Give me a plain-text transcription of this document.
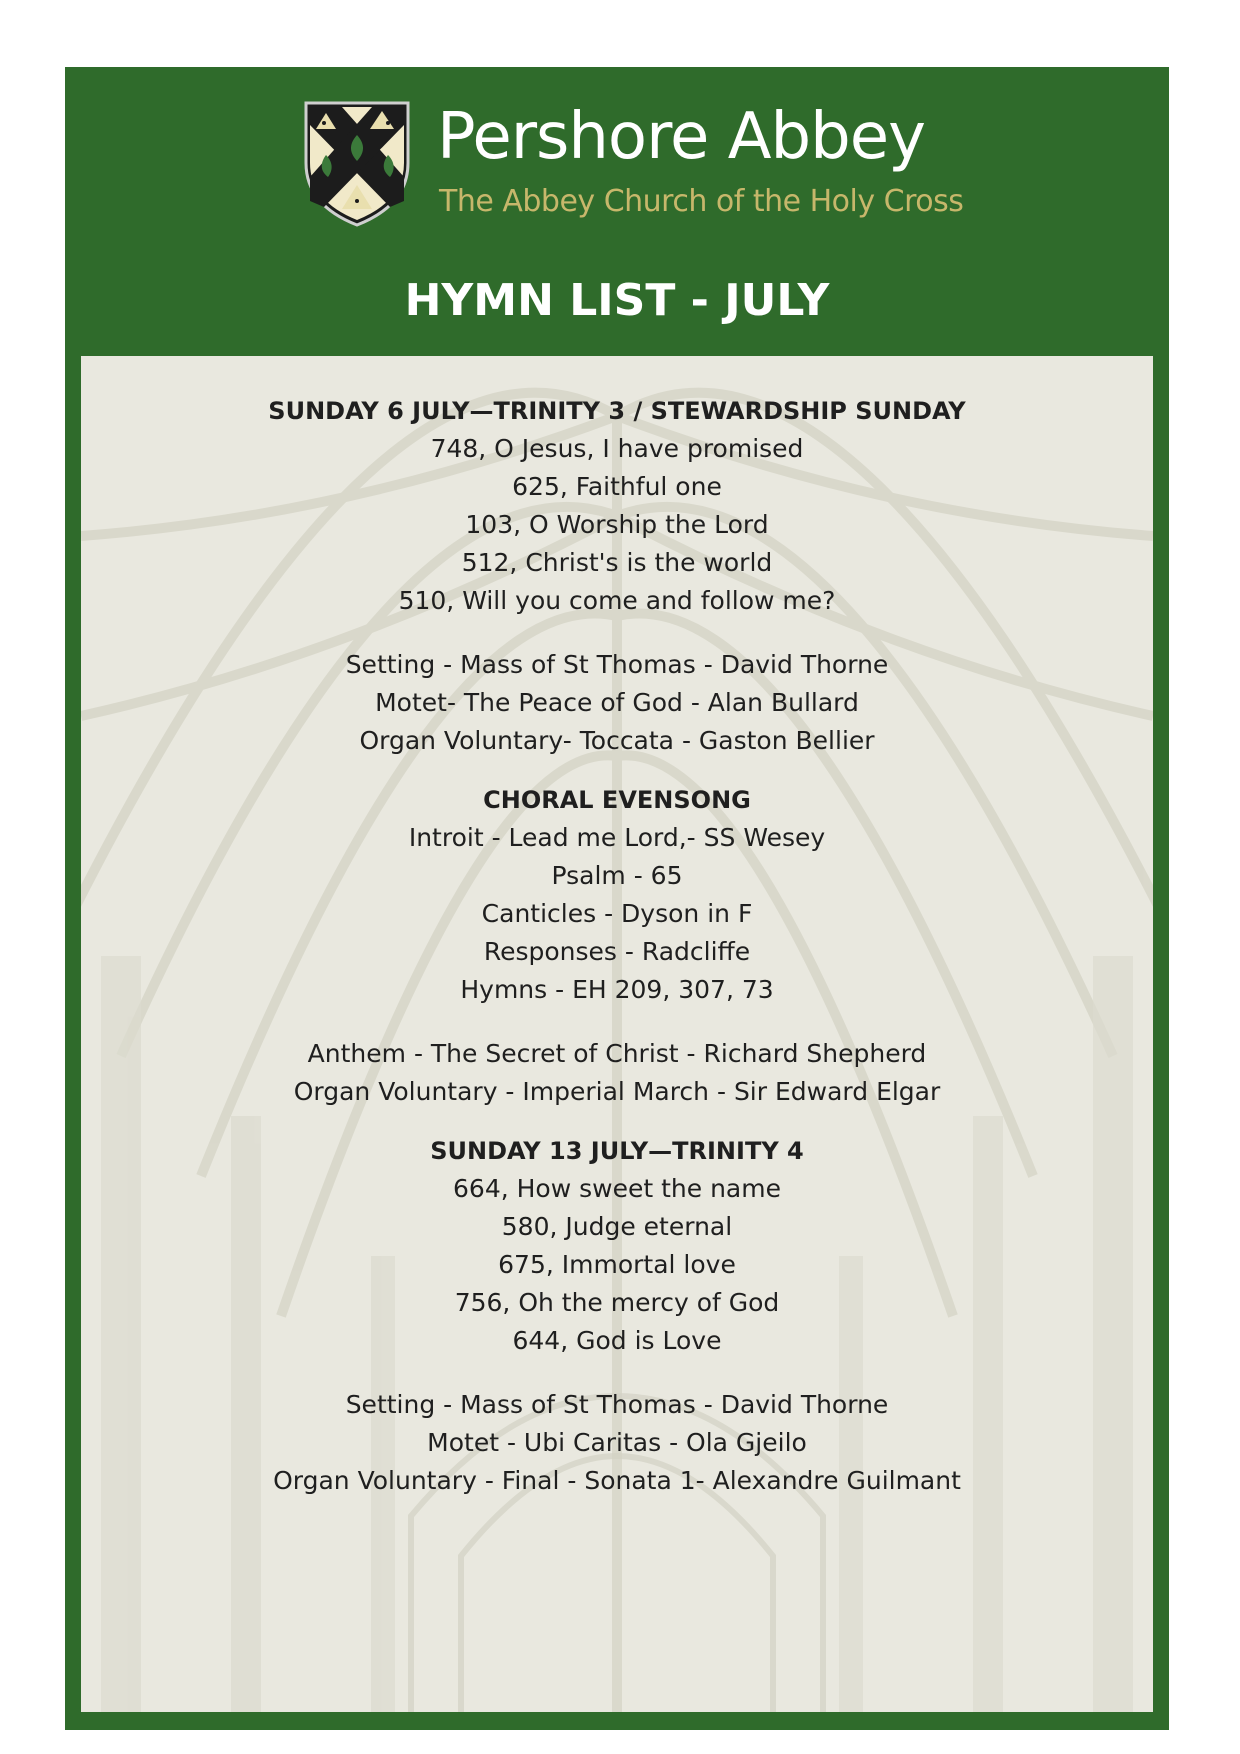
Pershore Abbey
The Abbey Church of the Holy Cross
HYMN LIST - JULY
SUNDAY 6 JULY—TRINITY 3 / STEWARDSHIP SUNDAY
748, O Jesus, I have promised
625, Faithful one
103, O Worship the Lord
512, Christ's is the world
510, Will you come and follow me?
Setting - Mass of St Thomas - David Thorne
Motet- The Peace of God - Alan Bullard
Organ Voluntary- Toccata - Gaston Bellier
CHORAL EVENSONG
Introit - Lead me Lord,- SS Wesey
Psalm - 65
Canticles - Dyson in F
Responses - Radcliffe
Hymns - EH 209, 307, 73
Anthem - The Secret of Christ - Richard Shepherd
Organ Voluntary - Imperial March - Sir Edward Elgar
SUNDAY 13 JULY—TRINITY 4
664, How sweet the name
580, Judge eternal
675, Immortal love
756, Oh the mercy of God
644, God is Love
Setting - Mass of St Thomas - David Thorne
Motet - Ubi Caritas - Ola Gjeilo
Organ Voluntary - Final - Sonata 1- Alexandre Guilmant
